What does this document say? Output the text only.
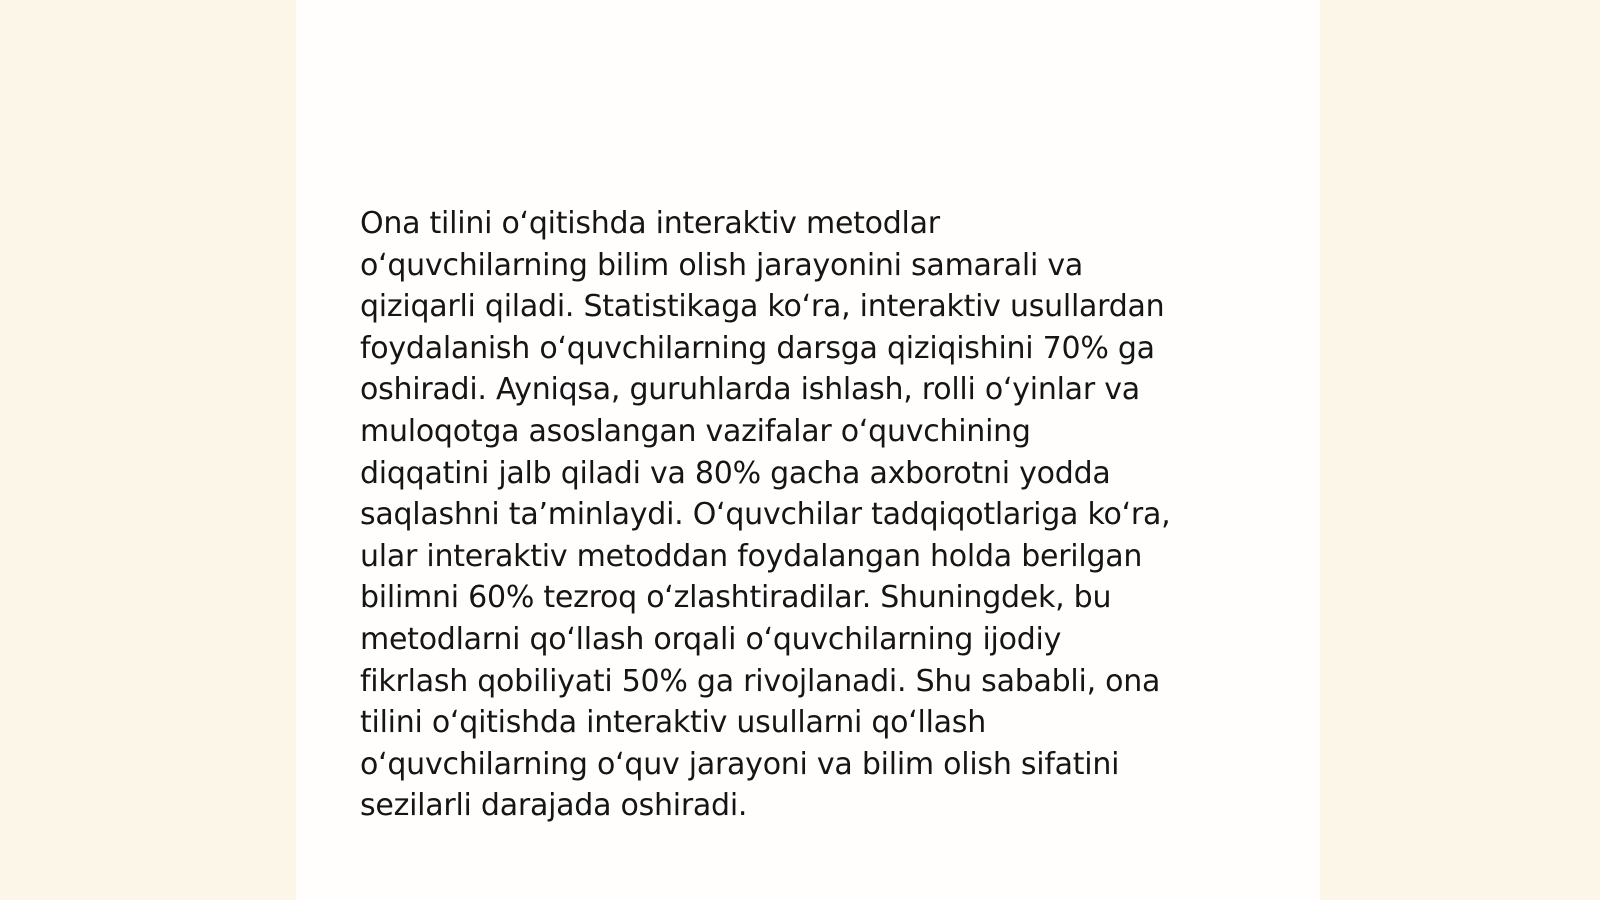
Ona tilini o‘qitishda interaktiv metodlar
o‘quvchilarning bilim olish jarayonini samarali va
qiziqarli qiladi. Statistikaga ko‘ra, interaktiv usullardan
foydalanish o‘quvchilarning darsga qiziqishini 70% ga
oshiradi. Ayniqsa, guruhlarda ishlash, rolli o‘yinlar va
muloqotga asoslangan vazifalar o‘quvchining
diqqatini jalb qiladi va 80% gacha axborotni yodda
saqlashni ta’minlaydi. O‘quvchilar tadqiqotlariga ko‘ra,
ular interaktiv metoddan foydalangan holda berilgan
bilimni 60% tezroq o‘zlashtiradilar. Shuningdek, bu
metodlarni qo‘llash orqali o‘quvchilarning ijodiy
fikrlash qobiliyati 50% ga rivojlanadi. Shu sababli, ona
tilini o‘qitishda interaktiv usullarni qo‘llash
o‘quvchilarning o‘quv jarayoni va bilim olish sifatini
sezilarli darajada oshiradi.
